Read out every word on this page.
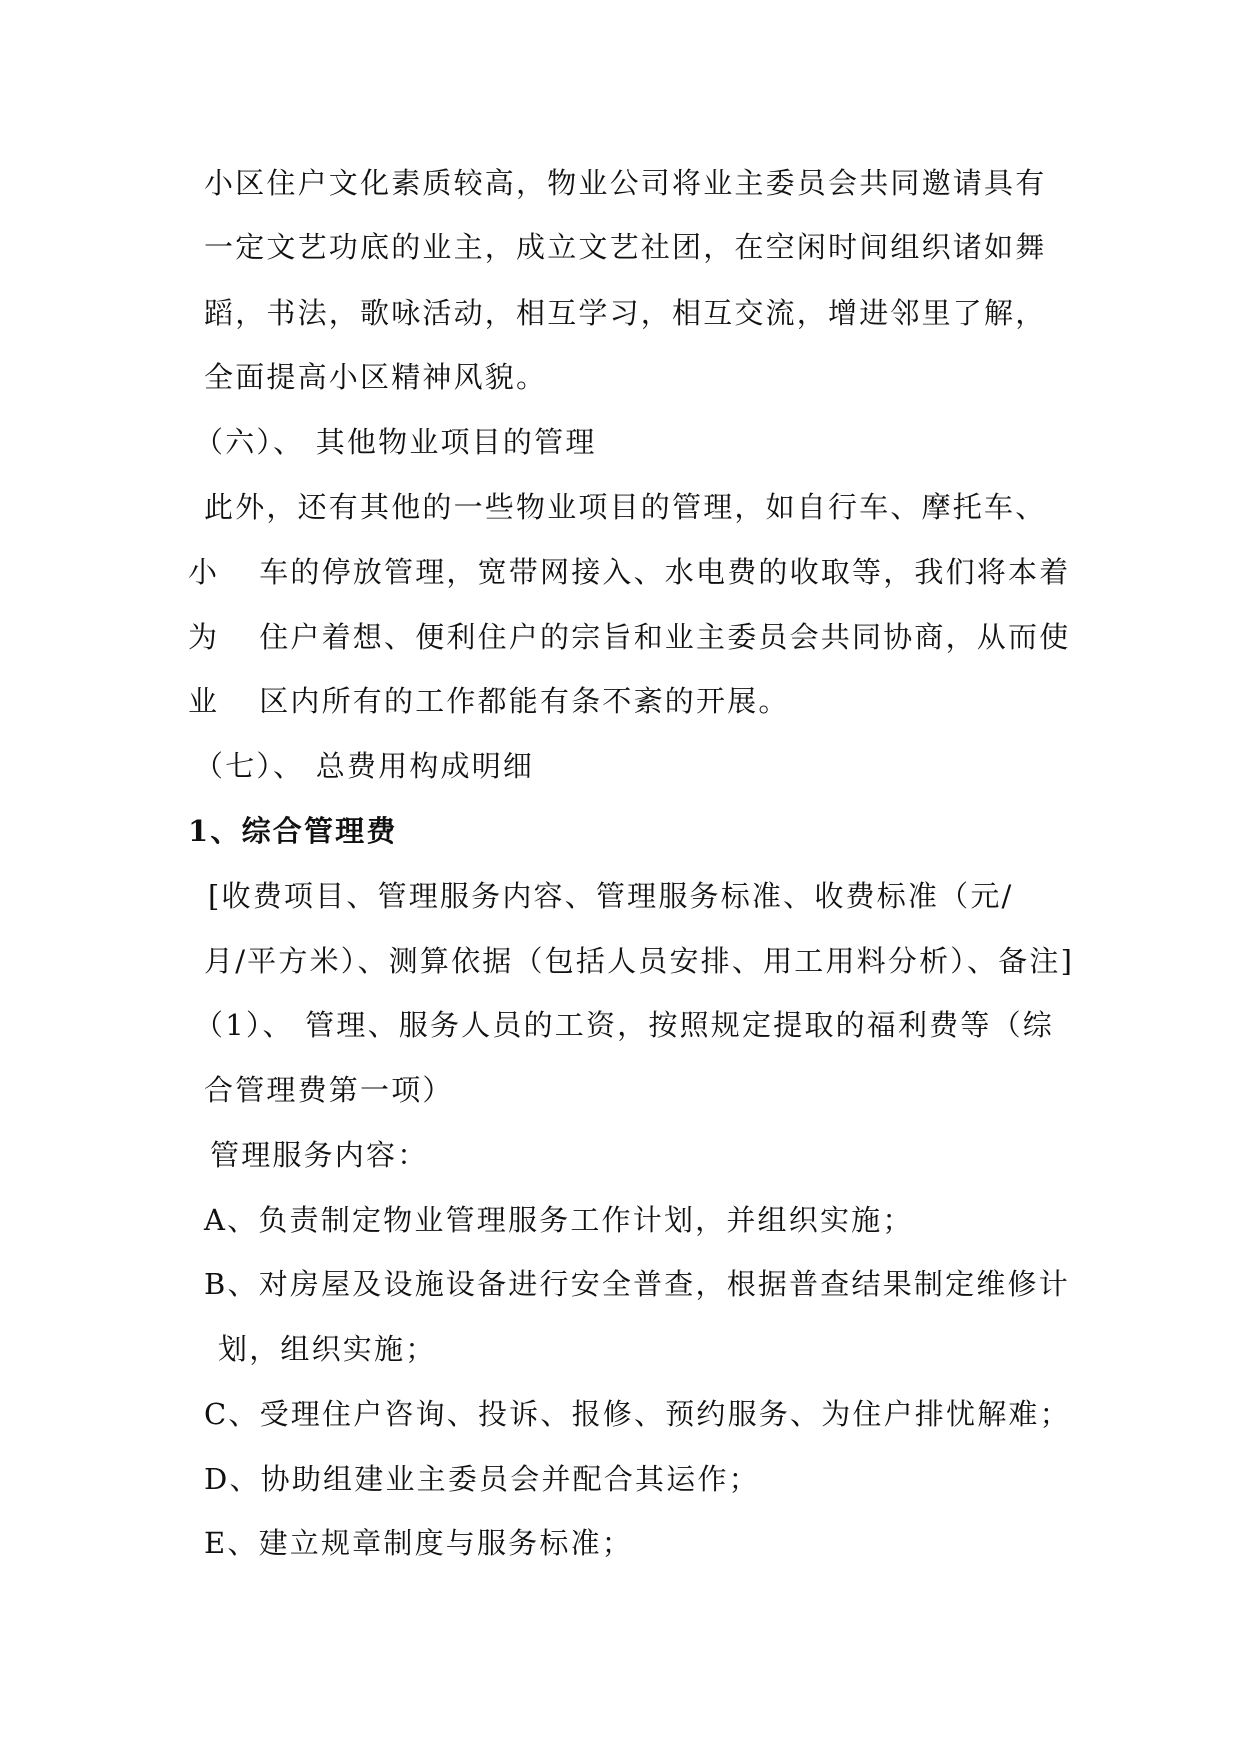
小区住户文化素质较高，物业公司将业主委员会共同邀请具有
一定文艺功底的业主，成立文艺社团，在空闲时间组织诸如舞
蹈，书法，歌咏活动，相互学习，相互交流，增进邻里了解，
全面提高小区精神风貌。
（六）、 其他物业项目的管理
此外，还有其他的一些物业项目的管理，如自行车、摩托车、
小 车的停放管理，宽带网接入、水电费的收取等，我们将本着
为 住户着想、便利住户的宗旨和业主委员会共同协商，从而使
业 区内所有的工作都能有条不紊的开展。
（七）、 总费用构成明细
1、综合管理费
[收费项目、管理服务内容、管理服务标准、收费标准（元/
月/平方米）、测算依据（包括人员安排、用工用料分析）、备注]
（1）、 管理、服务人员的工资，按照规定提取的福利费等（综
合管理费第一项）
管理服务内容：
A、负责制定物业管理服务工作计划，并组织实施；
B、对房屋及设施设备进行安全普查，根据普查结果制定维修计
划，组织实施；
C、受理住户咨询、投诉、报修、预约服务、为住户排忧解难；
D、协助组建业主委员会并配合其运作；
E、建立规章制度与服务标准；
